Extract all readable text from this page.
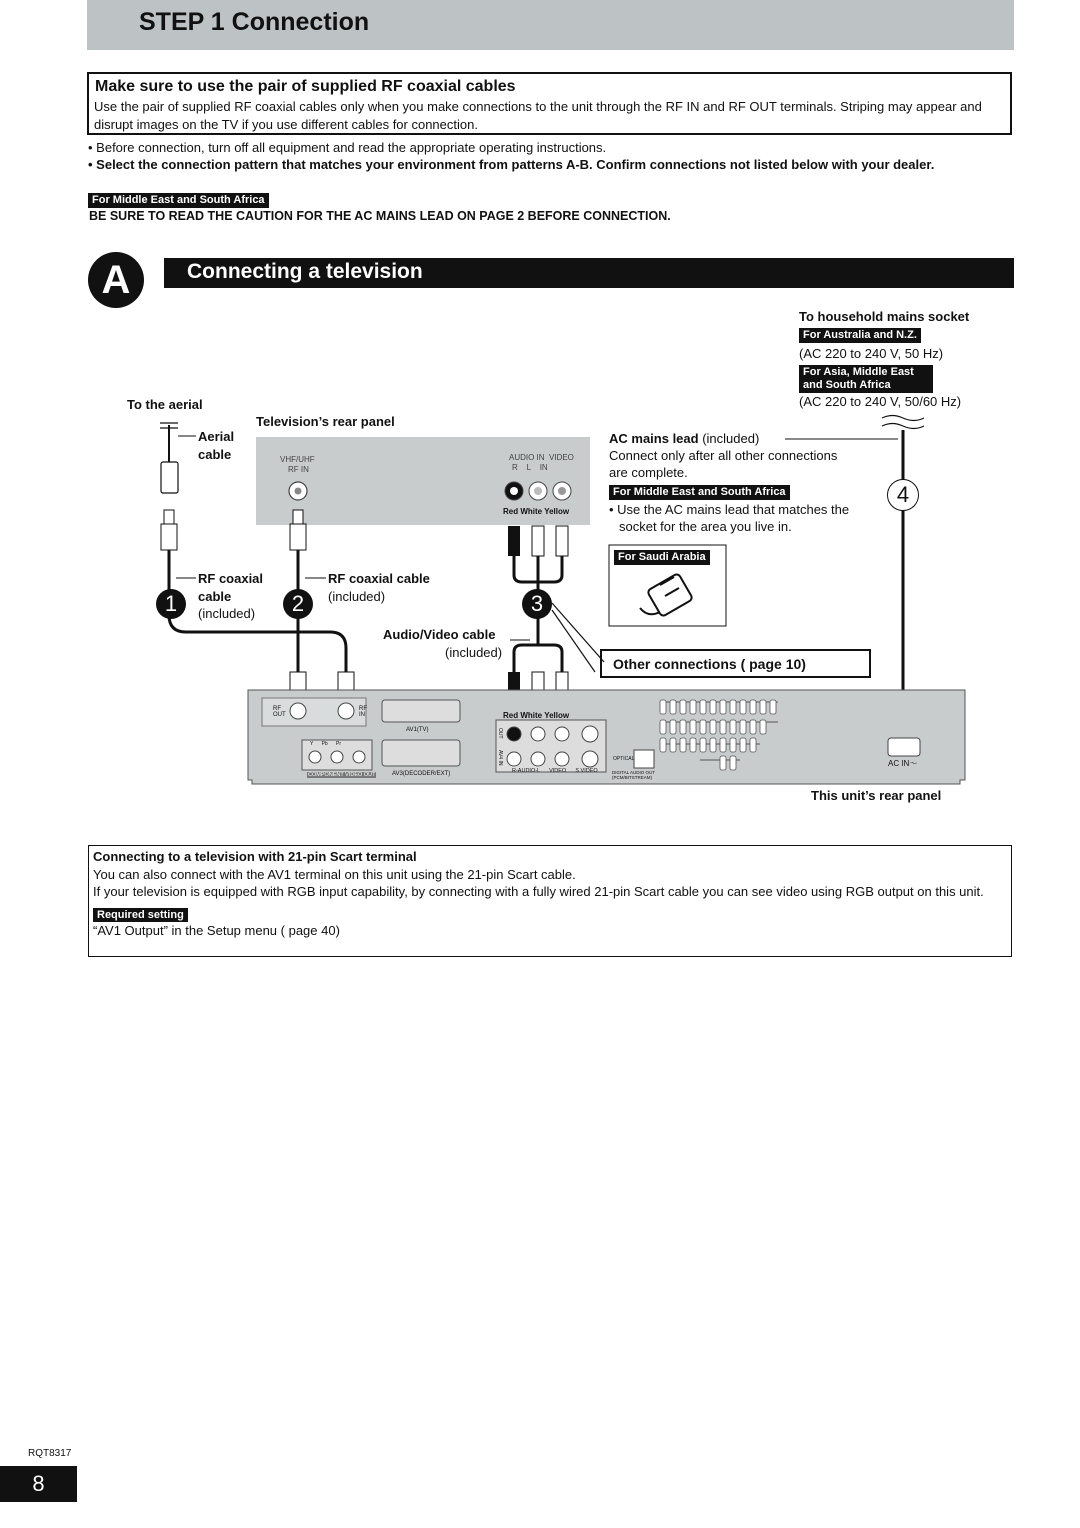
STEP 1 Connection
Make sure to use the pair of supplied RF coaxial cables
Use the pair of supplied RF coaxial cables only when you make connections to the unit through the RF IN and RF OUT terminals. Striping may appear and disrupt images on the TV if you use different cables for connection.
• Before connection, turn off all equipment and read the appropriate operating instructions.
• Select the connection pattern that matches your environment from patterns A-B. Confirm connections not listed below with your dealer.
For Middle East and South Africa
BE SURE TO READ THE CAUTION FOR THE AC MAINS LEAD ON PAGE 2 BEFORE CONNECTION.
A	Connecting a television
To the aerial
Aerial
cable
Television’s rear panel
VHF/UHF
RF IN
AUDIO IN  VIDEO
R    L    IN
Red White Yellow
RF coaxial
cable
(included)
RF coaxial cable
(included)
Audio/Video cable
(included)
1	2	3
4
To household mains socket
For Australia and N.Z.
(AC 220 to 240 V, 50 Hz)
For Asia, Middle East
and South Africa
(AC 220 to 240 V, 50/60 Hz)
AC mains lead (included)
Connect only after all other connections
are complete.
For Middle East and South Africa
• Use the AC mains lead that matches the
socket for the area you live in.
For Saudi Arabia
Other connections ( page 10)
RF OUT
RF IN
AV1(TV)
AV3(DECODER/EXT)
COMPONENT VIDEO OUT
Y      Pb      Pr
Red White Yellow
OUT
AV4 IN
R-AUDIO-L      VIDEO      S VIDEO
OPTICAL
DIGITAL AUDIO OUT (PCM/BITSTREAM)
AC IN～
This unit’s rear panel
Connecting to a television with 21-pin Scart terminal
You can also connect with the AV1 terminal on this unit using the 21-pin Scart cable.
If your television is equipped with RGB input capability, by connecting with a fully wired 21-pin Scart cable you can see video using RGB output on this unit.
Required setting
“AV1 Output” in the Setup menu ( page 40)
RQT8317
8
